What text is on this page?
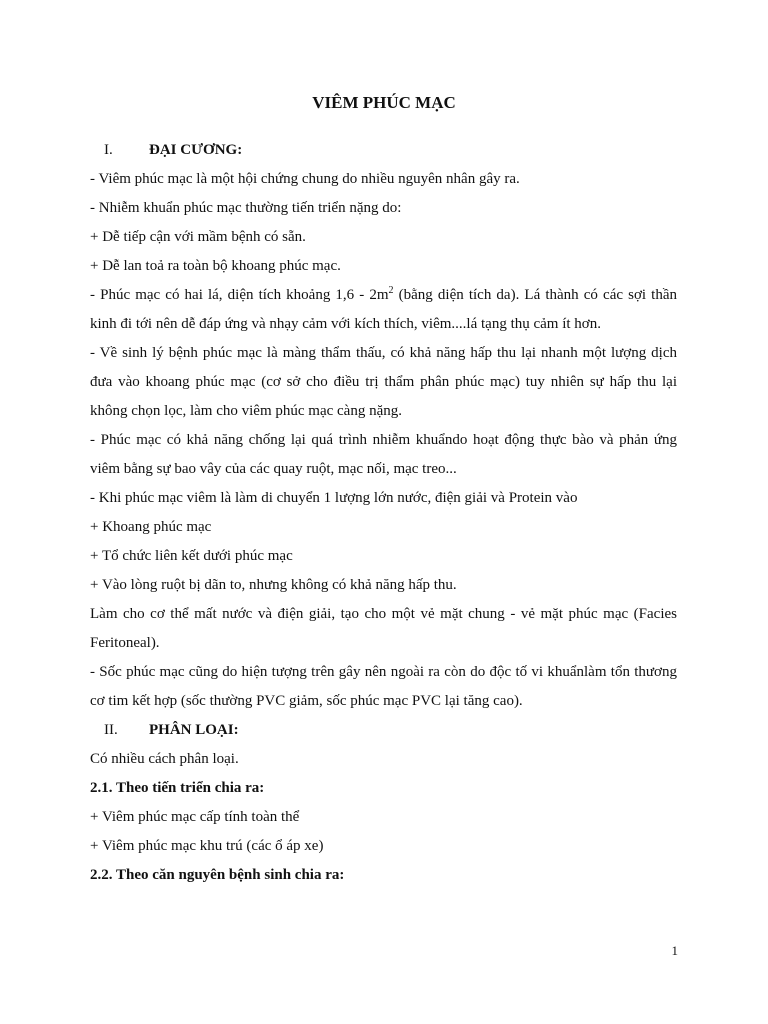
VIÊM PHÚC MẠC

I. ĐẠI CƯƠNG:

- Viêm phúc mạc là một hội chứng chung do nhiều nguyên nhân gây ra.

- Nhiễm khuẩn phúc mạc thường tiến triển nặng do:

+ Dễ tiếp cận với mầm bệnh có sẵn.

+ Dễ lan toả ra toàn bộ khoang phúc mạc.

- Phúc mạc có hai lá, diện tích khoảng $1,6 - 2m^2$ (bằng diện tích da). Lá thành có các sợi thần kinh đi tới nên dễ đáp ứng và nhạy cảm với kích thích, viêm....lá tạng thụ cảm ít hơn.

- Về sinh lý bệnh phúc mạc là màng thẩm thấu, có khả năng hấp thu lại nhanh một lượng dịch đưa vào khoang phúc mạc (cơ sở cho điều trị thẩm phân phúc mạc) tuy nhiên sự hấp thu lại không chọn lọc, làm cho viêm phúc mạc càng nặng.

- Phúc mạc có khả năng chống lại quá trình nhiễm khuẩndo hoạt động thực bào và phản ứng viêm bằng sự bao vây của các quay ruột, mạc nối, mạc treo...

- Khi phúc mạc viêm là làm di chuyển 1 lượng lớn nước, điện giải và Protein vào

+ Khoang phúc mạc

+ Tổ chức liên kết dưới phúc mạc

+ Vào lòng ruột bị dãn to, nhưng không có khả năng hấp thu.

Làm cho cơ thể mất nước và điện giải, tạo cho một vẻ mặt chung - vẻ mặt phúc mạc (Facies Feritoneal).

- Sốc phúc mạc cũng do hiện tượng trên gây nên ngoài ra còn do độc tố vi khuẩnlàm tổn thương cơ tim kết hợp (sốc thường PVC giảm, sốc phúc mạc PVC lại tăng cao).

II. PHÂN LOẠI:

Có nhiều cách phân loại.

2.1. Theo tiến triển chia ra:

+ Viêm phúc mạc cấp tính toàn thể

+ Viêm phúc mạc khu trú (các ổ áp xe)

2.2. Theo căn nguyên bệnh sinh chia ra:

1
